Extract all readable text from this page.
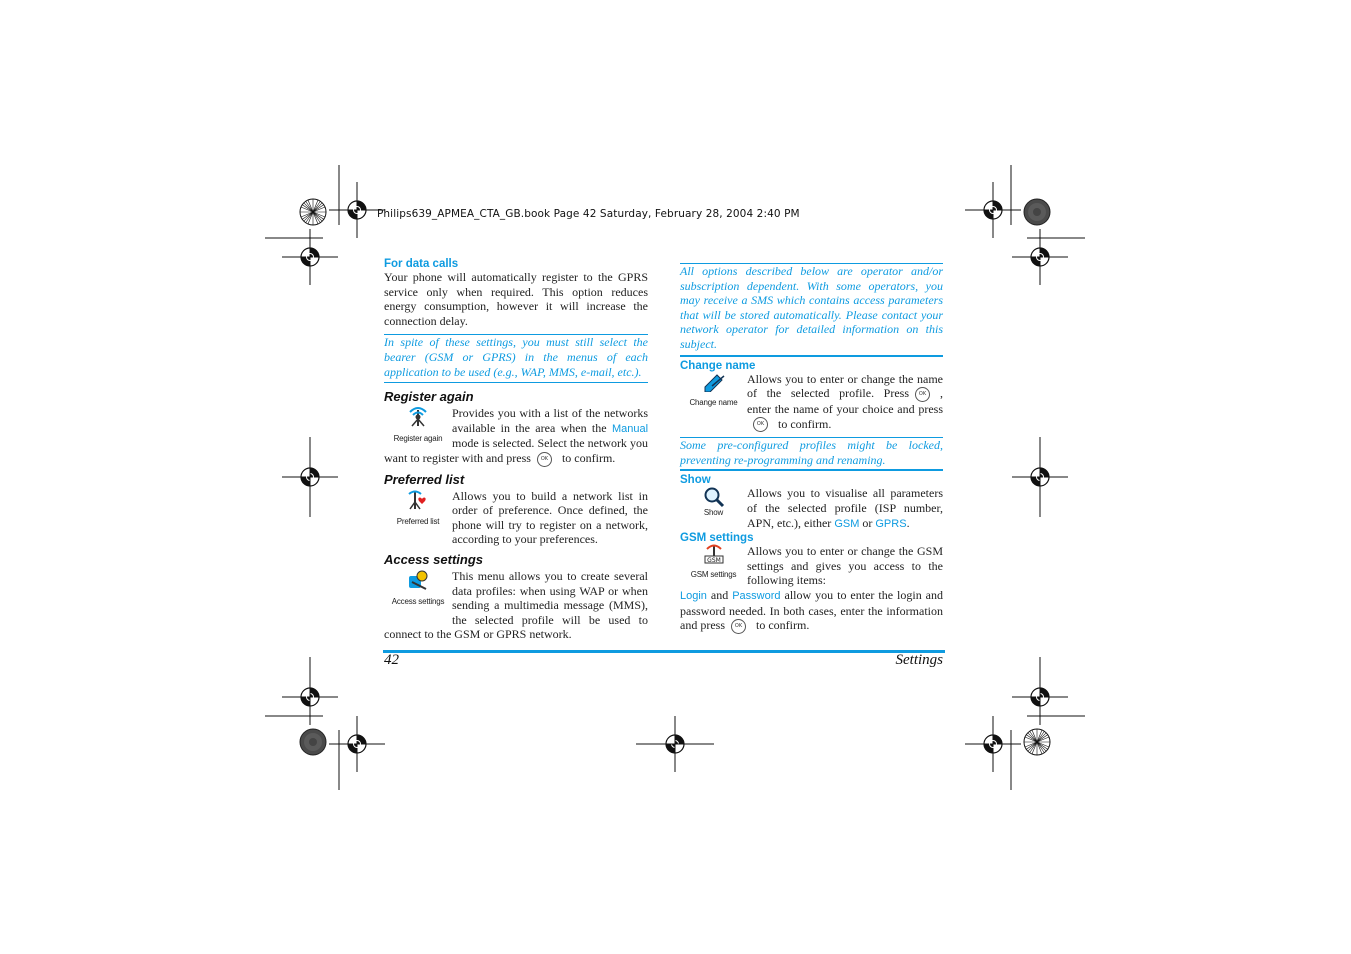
Philips639_APMEA_CTA_GB.book Page 42 Saturday, February 28, 2004 2:40 PM
For data calls
Your phone will automatically register to the GPRS service only when required. This option reduces energy consumption, however it will increase the connection delay.
In spite of these settings, you must still select the bearer (GSM or GPRS) in the menus of each application to be used (e.g., WAP, MMS, e-mail, etc.).
Register again
Register again
Provides you with a list of the networks available in the area when the Manual mode is selected. Select the network you want to register with and press OK to confirm.
Preferred list
Preferred list
Allows you to build a network list in order of preference. Once defined, the phone will try to register on a network, according to your preferences.
Access settings
Access settings
This menu allows you to create several data profiles: when using WAP or when sending a multimedia message (MMS), the selected profile will be used to connect to the GSM or GPRS network.
All options described below are operator and/or subscription dependent. With some operators, you may receive a SMS which contains access parameters that will be stored automatically. Please contact your network operator for detailed information on this subject.
Change name
Change name
Allows you to enter or change the name of the selected profile. Press OK , enter the name of your choice and pressOK to confirm.
Some pre-configured profiles might be locked, preventing re-programming and renaming.
Show
Show
Allows you to visualise all parameters of the selected profile (ISP number, APN, etc.), either GSM or GPRS.
GSM settings
GSM
GSM settings
Allows you to enter or change the GSM settings and gives you access to the following items:
Login and Password allow you to enter the login and password needed. In both cases, enter the information and press OK to confirm.
42	Settings
